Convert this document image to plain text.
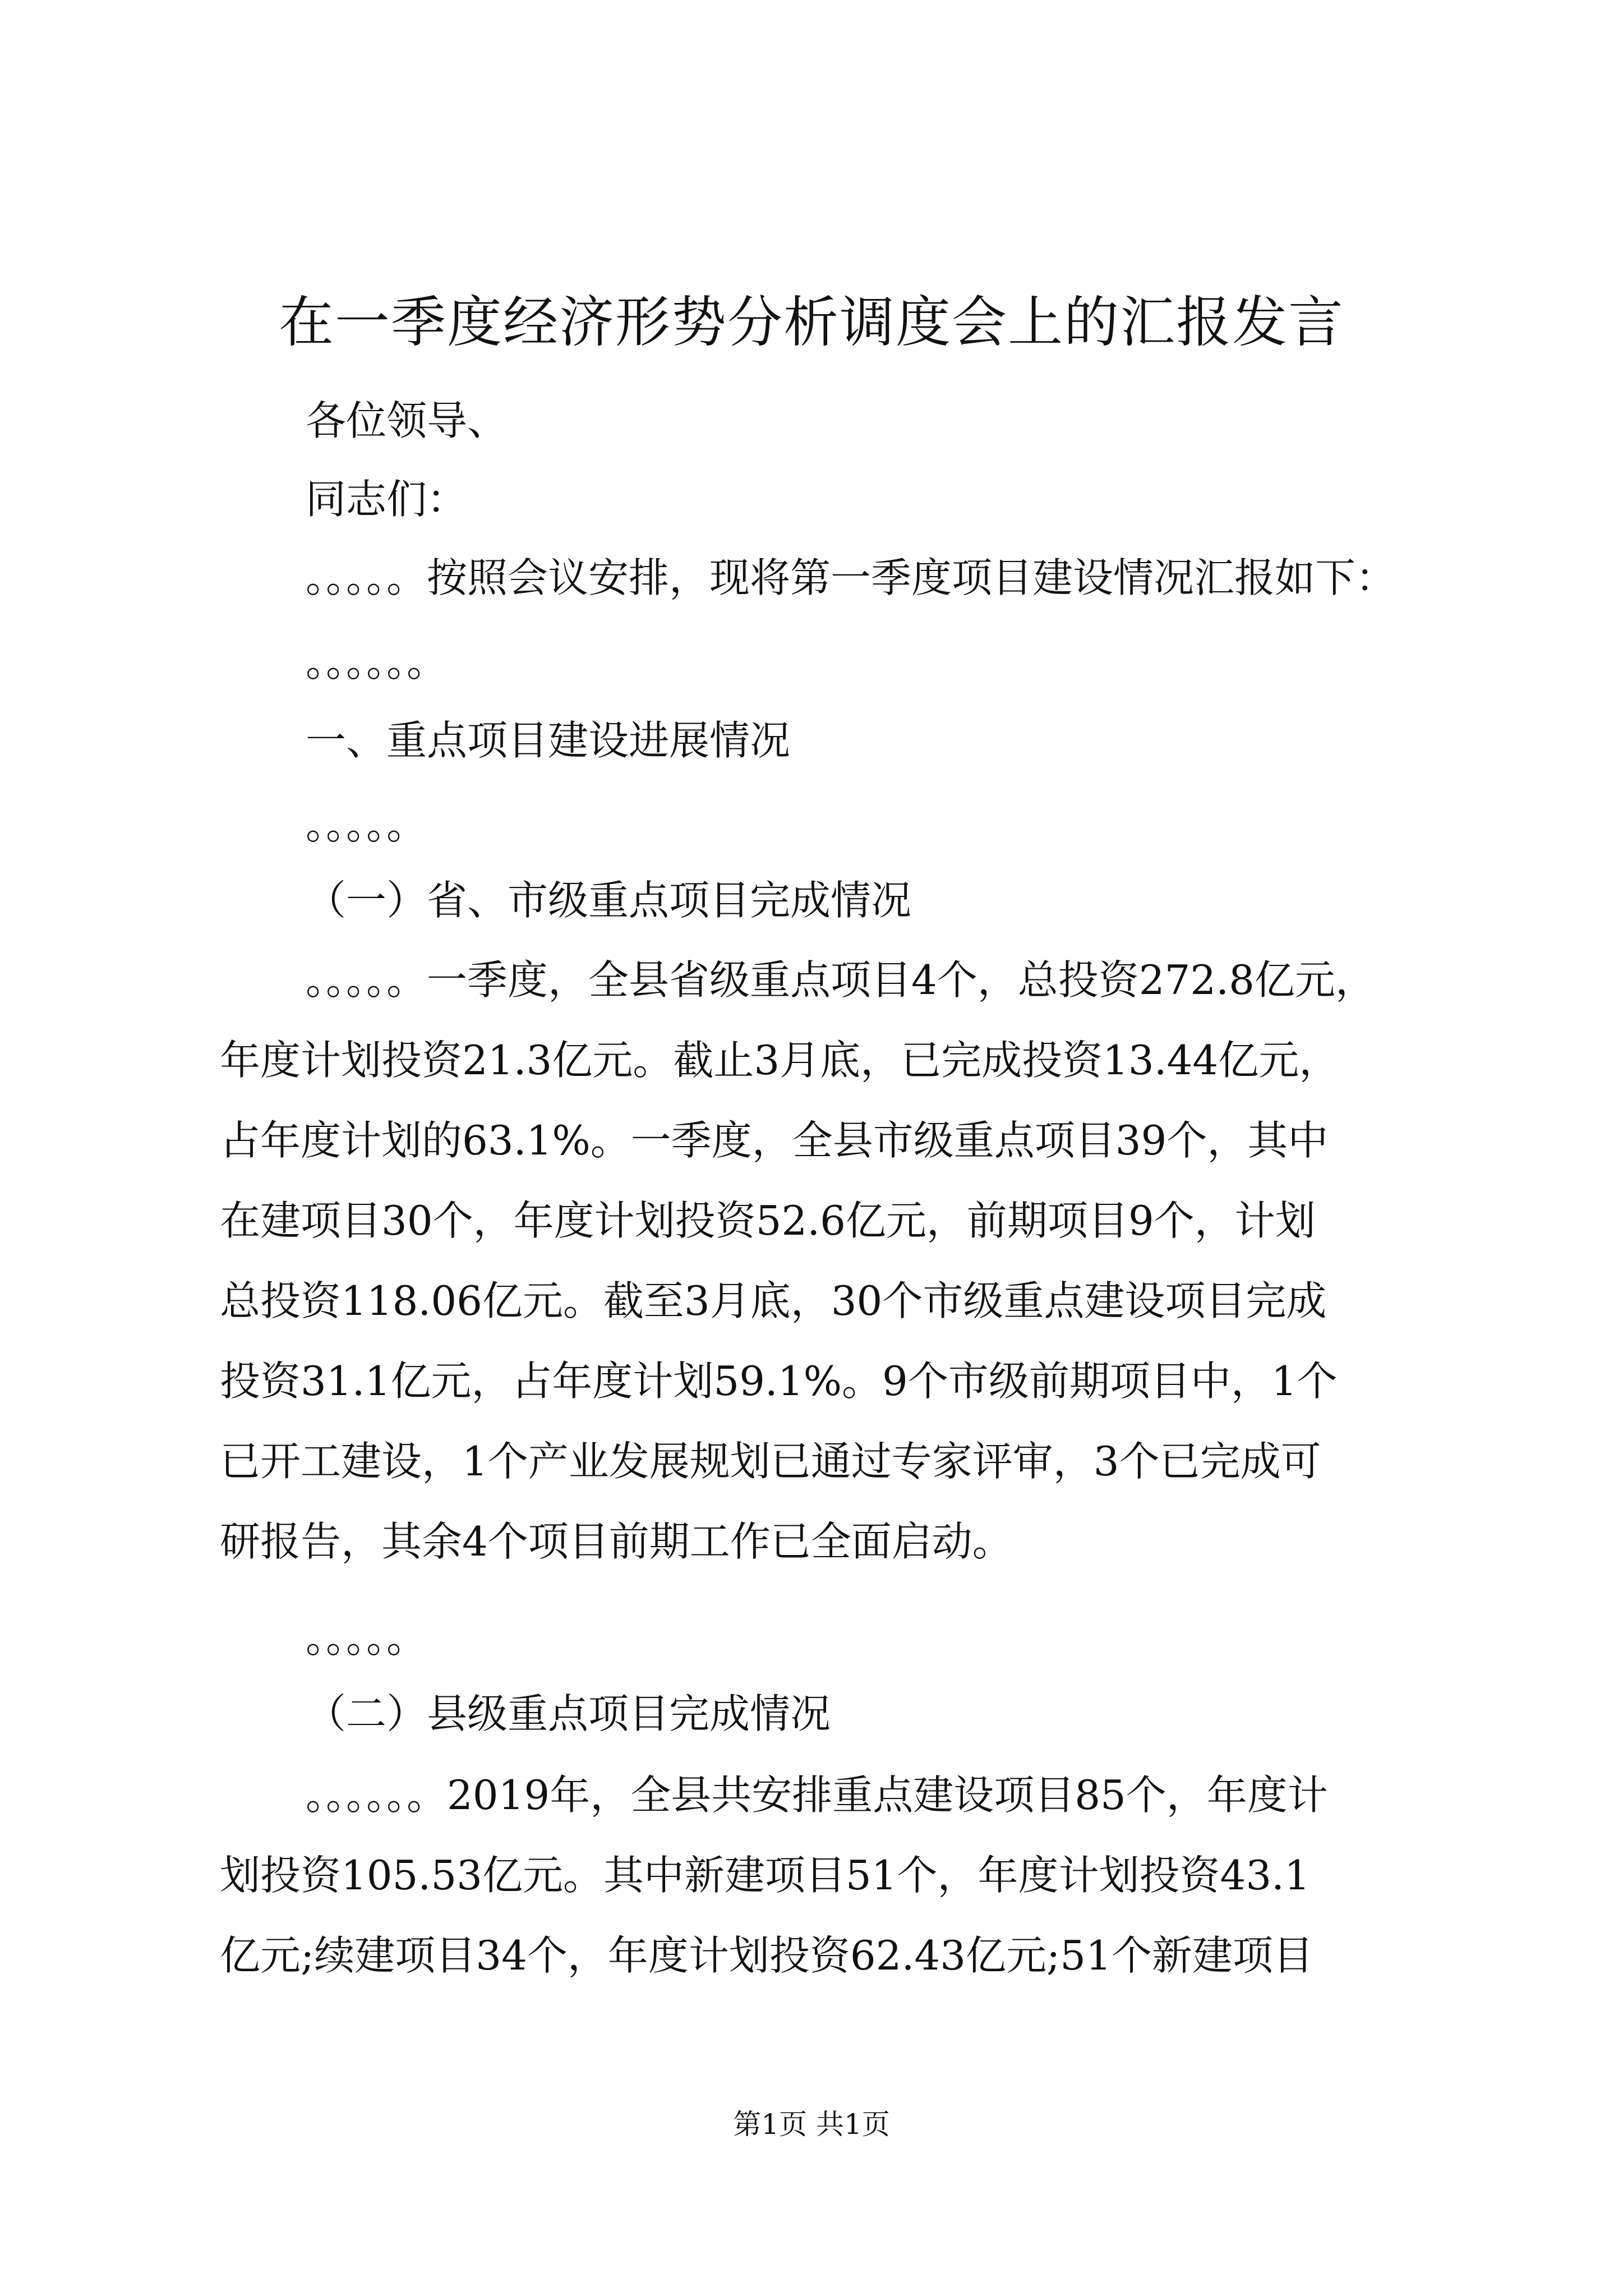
在一季度经济形势分析调度会上的汇报发言
各位领导、
同志们：
。。。。。按照会议安排，现将第一季度项目建设情况汇报如下：
。。。。。。
一、重点项目建设进展情况
。。。。。
（一）省、市级重点项目完成情况
。。。。。一季度，全县省级重点项目4个，总投资272.8亿元，
年度计划投资21.3亿元。截止3月底，已完成投资13.44亿元，
占年度计划的63.1%。一季度，全县市级重点项目39个，其中
在建项目30个，年度计划投资52.6亿元，前期项目9个，计划
总投资118.06亿元。截至3月底，30个市级重点建设项目完成
投资31.1亿元，占年度计划59.1%。9个市级前期项目中，1个
已开工建设，1个产业发展规划已通过专家评审，3个已完成可
研报告，其余4个项目前期工作已全面启动。
。。。。。
（二）县级重点项目完成情况
。。。。。。2019年，全县共安排重点建设项目85个，年度计
划投资105.53亿元。其中新建项目51个，年度计划投资43.1
亿元;续建项目34个，年度计划投资62.43亿元;51个新建项目
第1页 共1页
